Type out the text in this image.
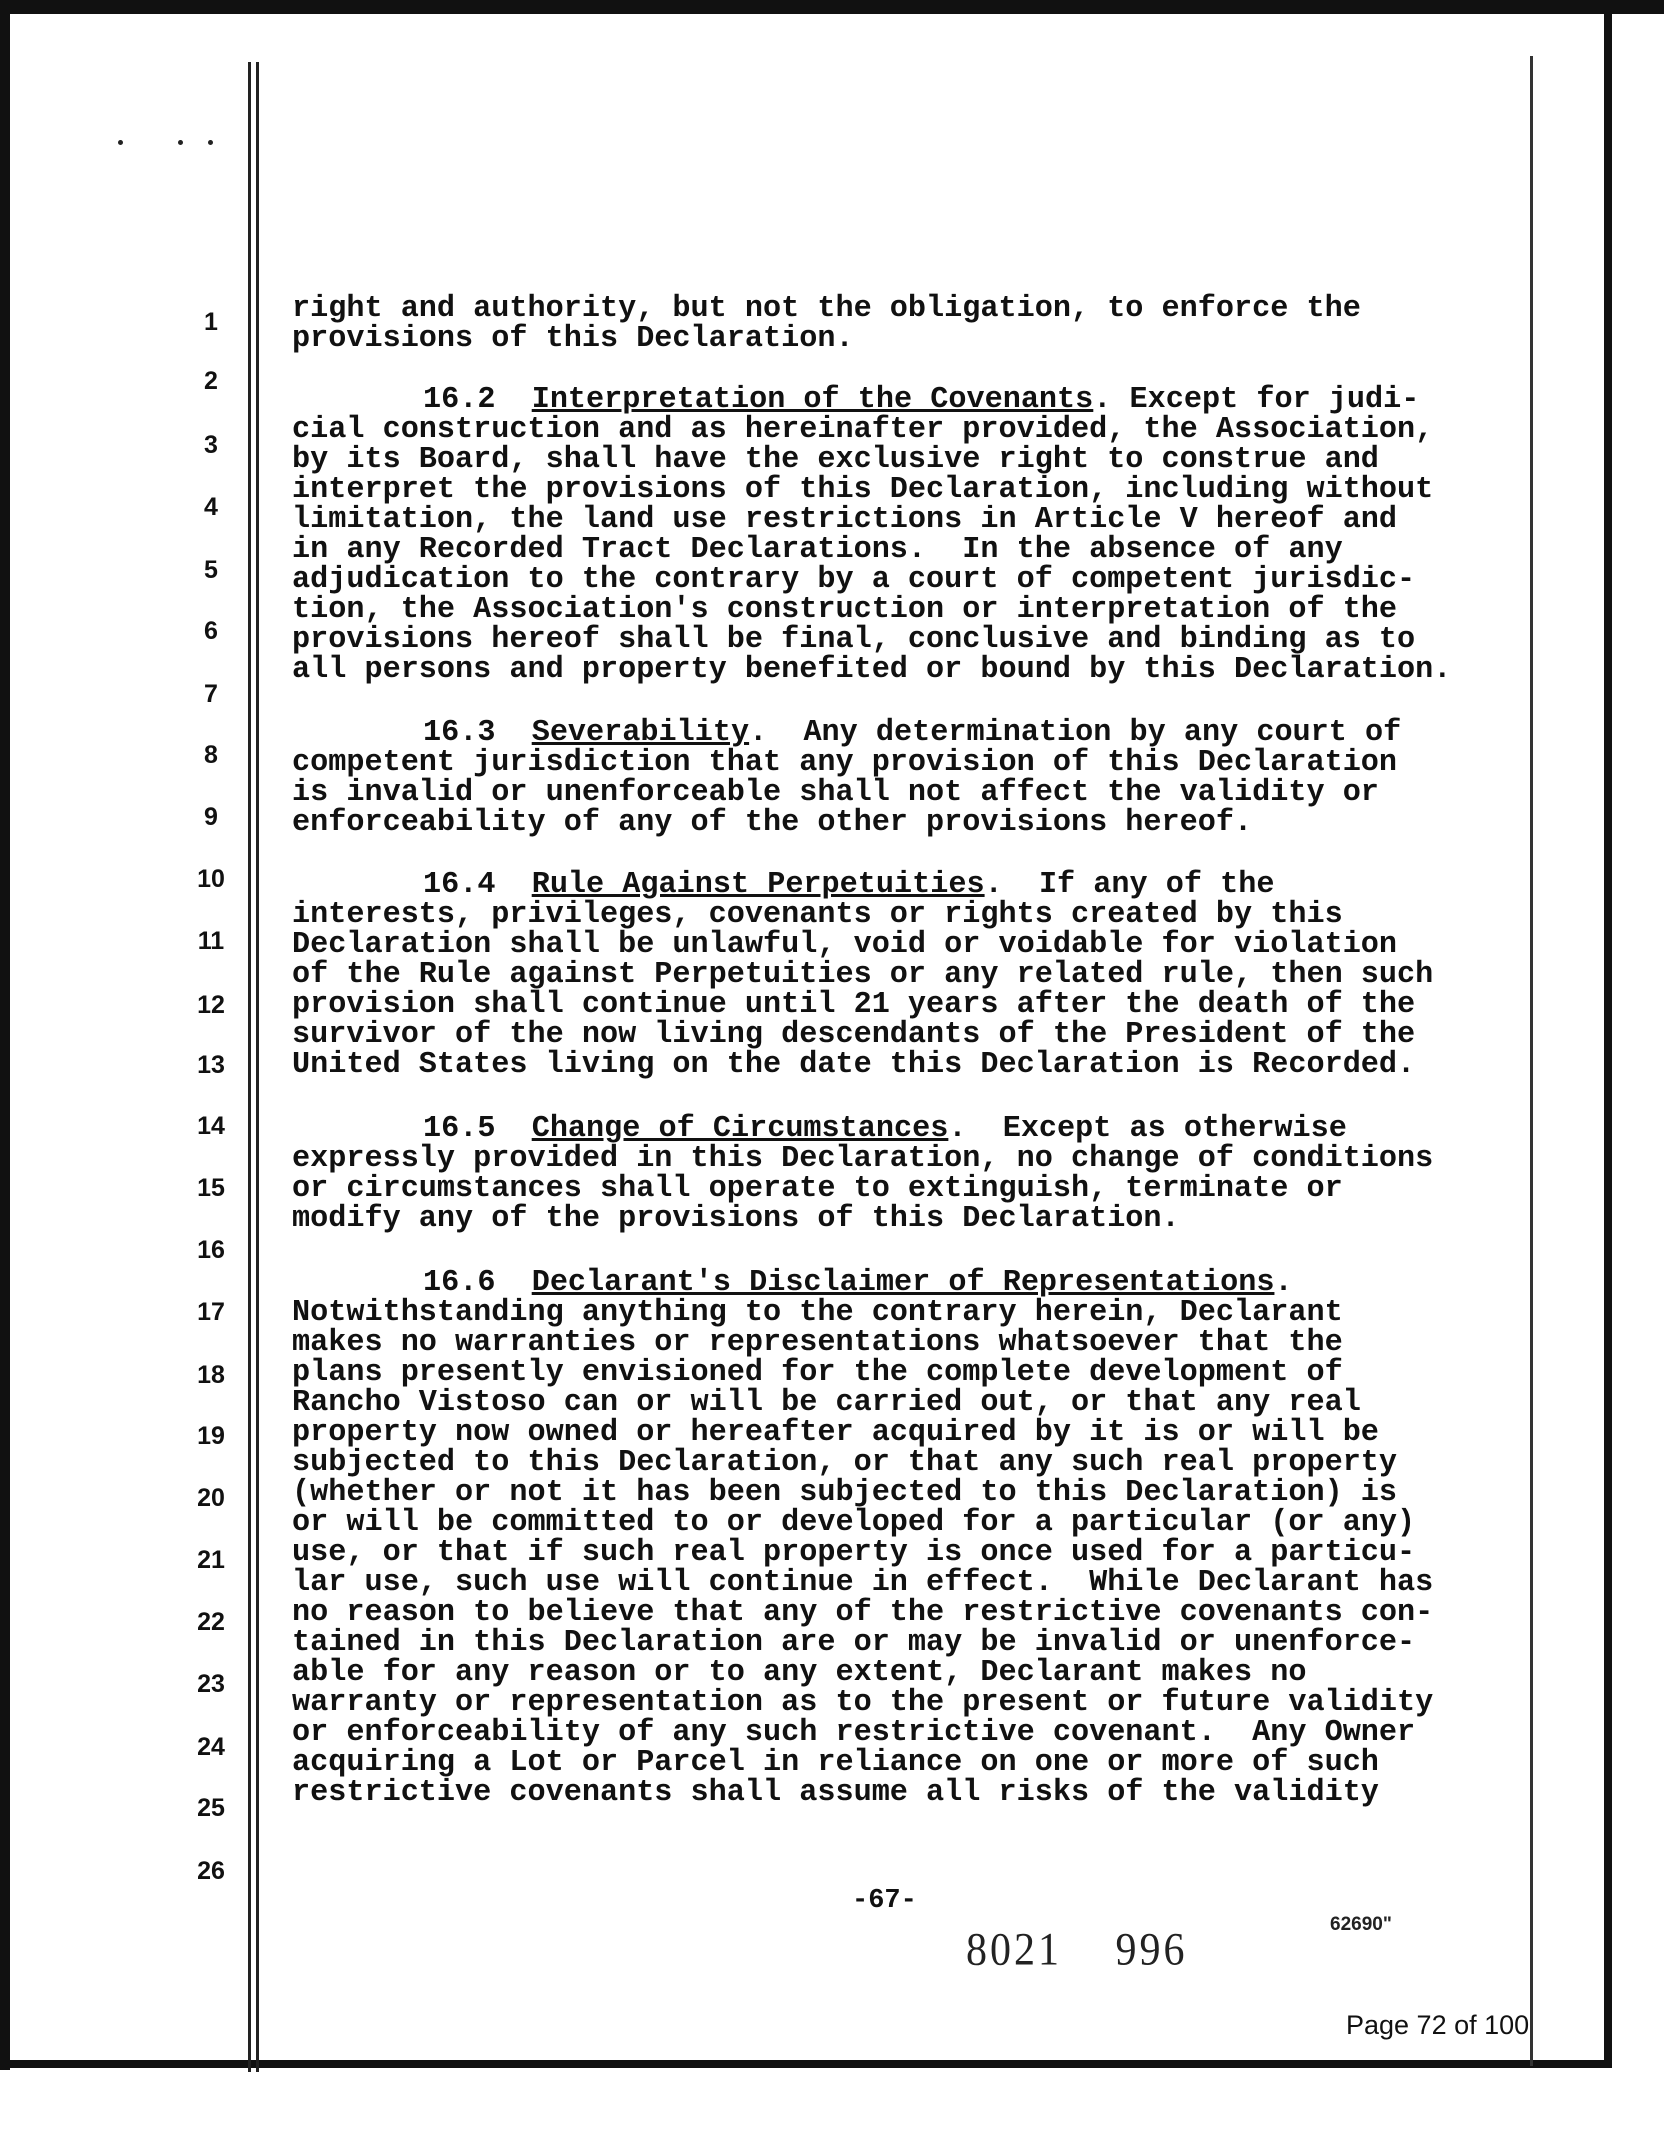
1
2
3
4
5
6
7
8
9
10
11
12
13
14
15
16
17
18
19
20
21
22
23
24
25
26

right and authority, but not the obligation, to enforce the

provisions of this Declaration.

16.2 Interpretation of the Covenants. Except for judi-

cial construction and as hereinafter provided, the Association,

by its Board, shall have the exclusive right to construe and

interpret the provisions of this Declaration, including without

limitation, the land use restrictions in Article V hereof and

in any Recorded Tract Declarations.  In the absence of any

adjudication to the contrary by a court of competent jurisdic-

tion, the Association's construction or interpretation of the

provisions hereof shall be final, conclusive and binding as to

all persons and property benefited or bound by this Declaration.

16.3 Severability.  Any determination by any court of

competent jurisdiction that any provision of this Declaration

is invalid or unenforceable shall not affect the validity or

enforceability of any of the other provisions hereof.

16.4 Rule Against Perpetuities.  If any of the

interests, privileges, covenants or rights created by this

Declaration shall be unlawful, void or voidable for violation

of the Rule against Perpetuities or any related rule, then such

provision shall continue until 21 years after the death of the

survivor of the now living descendants of the President of the

United States living on the date this Declaration is Recorded.

16.5 Change of Circumstances.  Except as otherwise

expressly provided in this Declaration, no change of conditions

or circumstances shall operate to extinguish, terminate or

modify any of the provisions of this Declaration.

16.6 Declarant's Disclaimer of Representations.

Notwithstanding anything to the contrary herein, Declarant

makes no warranties or representations whatsoever that the

plans presently envisioned for the complete development of

Rancho Vistoso can or will be carried out, or that any real

property now owned or hereafter acquired by it is or will be

subjected to this Declaration, or that any such real property

(whether or not it has been subjected to this Declaration) is

or will be committed to or developed for a particular (or any)

use, or that if such real property is once used for a particu-

lar use, such use will continue in effect.  While Declarant has

no reason to believe that any of the restrictive covenants con-

tained in this Declaration are or may be invalid or unenforce-

able for any reason or to any extent, Declarant makes no

warranty or representation as to the present or future validity

or enforceability of any such restrictive covenant.  Any Owner

acquiring a Lot or Parcel in reliance on one or more of such

restrictive covenants shall assume all risks of the validity

-67-
8021 996
62690"
Page 72 of 100
